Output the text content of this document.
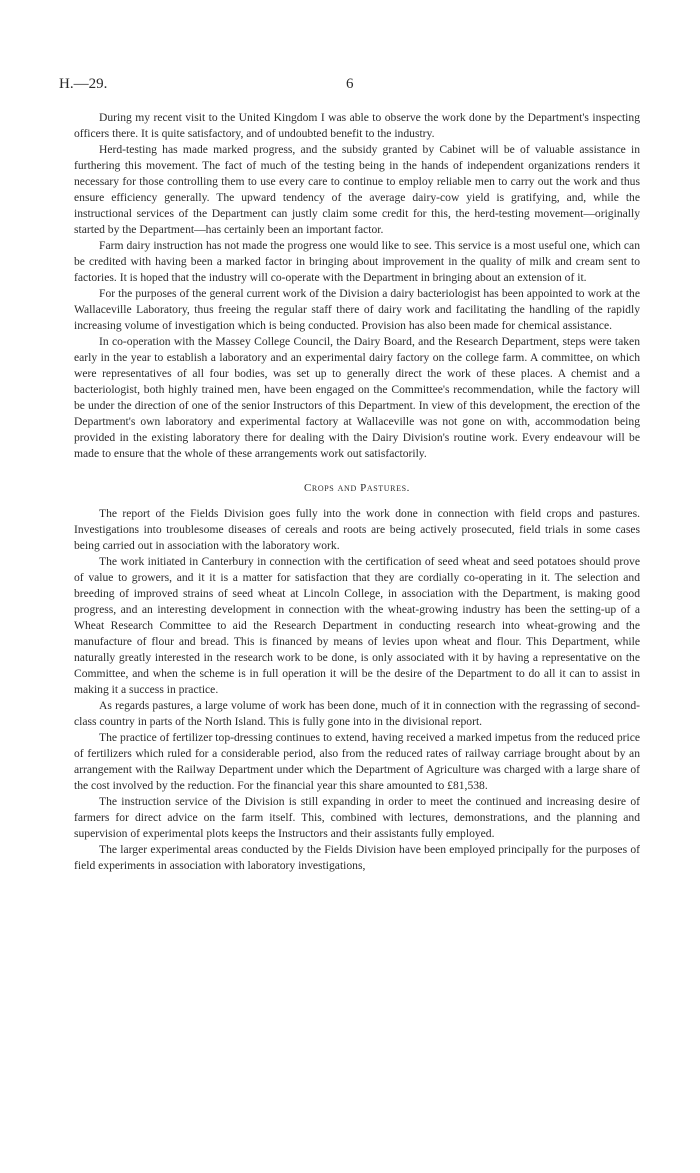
H.—29.	6

During my recent visit to the United Kingdom I was able to observe the work done by the Department's inspecting officers there. It is quite satisfactory, and of undoubted benefit to the industry.

Herd-testing has made marked progress, and the subsidy granted by Cabinet will be of valuable assistance in furthering this movement. The fact of much of the testing being in the hands of independent organizations renders it necessary for those controlling them to use every care to continue to employ reliable men to carry out the work and thus ensure efficiency generally. The upward tendency of the average dairy-cow yield is gratifying, and, while the instructional services of the Department can justly claim some credit for this, the herd-testing movement—originally started by the Department—has certainly been an important factor.

Farm dairy instruction has not made the progress one would like to see. This service is a most useful one, which can be credited with having been a marked factor in bringing about improvement in the quality of milk and cream sent to factories. It is hoped that the industry will co-operate with the Department in bringing about an extension of it.

For the purposes of the general current work of the Division a dairy bacteriologist has been appointed to work at the Wallaceville Laboratory, thus freeing the regular staff there of dairy work and facilitating the handling of the rapidly increasing volume of investigation which is being conducted. Provision has also been made for chemical assistance.

In co-operation with the Massey College Council, the Dairy Board, and the Research Department, steps were taken early in the year to establish a laboratory and an experimental dairy factory on the college farm. A committee, on which were representatives of all four bodies, was set up to generally direct the work of these places. A chemist and a bacteriologist, both highly trained men, have been engaged on the Committee's recommendation, while the factory will be under the direction of one of the senior Instructors of this Department. In view of this development, the erection of the Department's own laboratory and experimental factory at Wallaceville was not gone on with, accommodation being provided in the existing laboratory there for dealing with the Dairy Division's routine work. Every endeavour will be made to ensure that the whole of these arrangements work out satisfactorily.

Crops and Pastures.

The report of the Fields Division goes fully into the work done in connection with field crops and pastures. Investigations into troublesome diseases of cereals and roots are being actively prosecuted, field trials in some cases being carried out in association with the laboratory work.

The work initiated in Canterbury in connection with the certification of seed wheat and seed potatoes should prove of value to growers, and it it is a matter for satisfaction that they are cordially co-operating in it. The selection and breeding of improved strains of seed wheat at Lincoln College, in association with the Department, is making good progress, and an interesting development in connection with the wheat-growing industry has been the setting-up of a Wheat Research Committee to aid the Research Department in conducting research into wheat-growing and the manufacture of flour and bread. This is financed by means of levies upon wheat and flour. This Department, while naturally greatly interested in the research work to be done, is only associated with it by having a representative on the Committee, and when the scheme is in full operation it will be the desire of the Department to do all it can to assist in making it a success in practice.

As regards pastures, a large volume of work has been done, much of it in connection with the regrassing of second-class country in parts of the North Island. This is fully gone into in the divisional report.

The practice of fertilizer top-dressing continues to extend, having received a marked impetus from the reduced price of fertilizers which ruled for a considerable period, also from the reduced rates of railway carriage brought about by an arrangement with the Railway Department under which the Department of Agriculture was charged with a large share of the cost involved by the reduction. For the financial year this share amounted to £81,538.

The instruction service of the Division is still expanding in order to meet the continued and increasing desire of farmers for direct advice on the farm itself. This, combined with lectures, demonstrations, and the planning and supervision of experimental plots keeps the Instructors and their assistants fully employed.

The larger experimental areas conducted by the Fields Division have been employed principally for the purposes of field experiments in association with laboratory investigations,
